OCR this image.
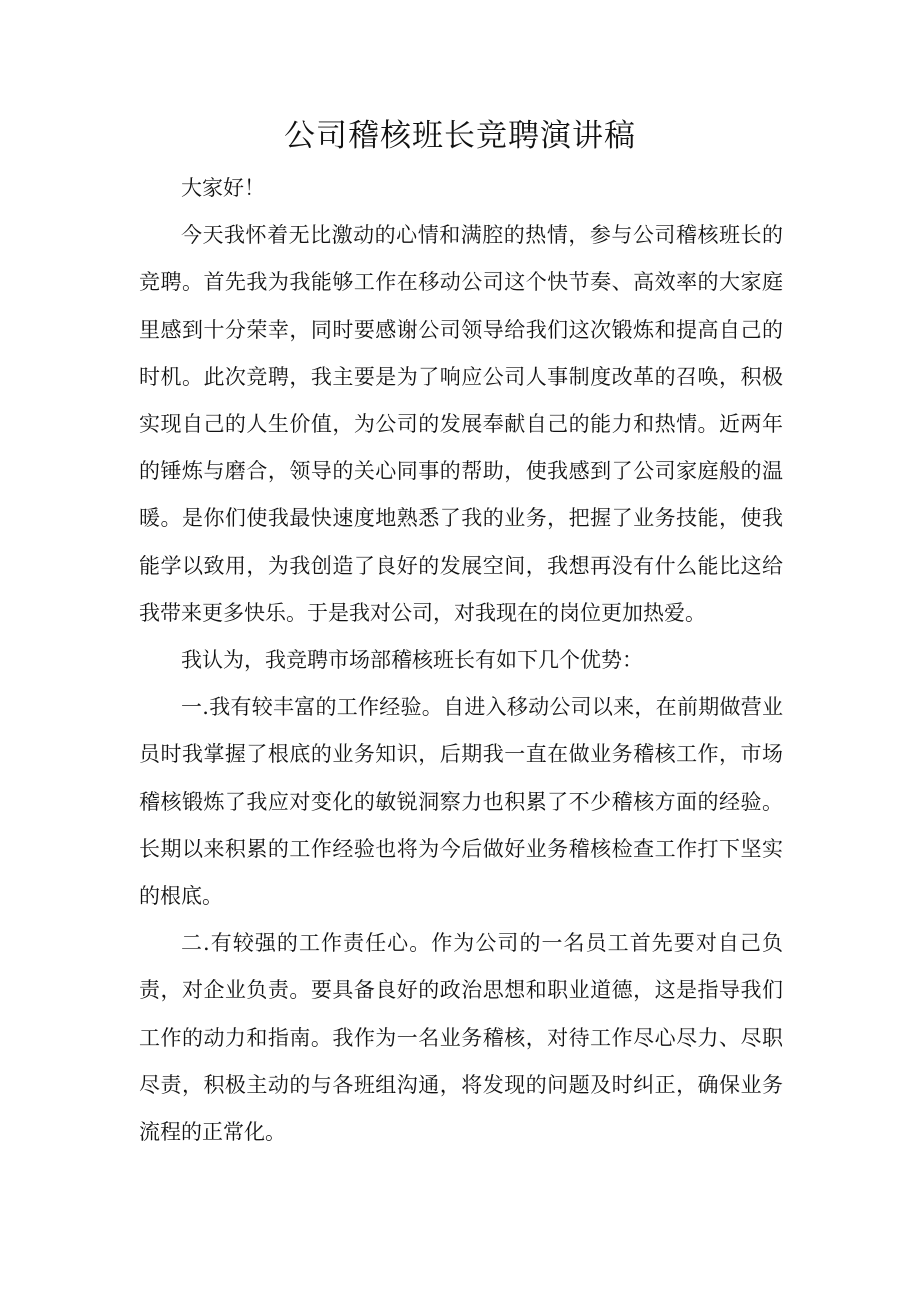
公司稽核班长竞聘演讲稿

大家好！

今天我怀着无比激动的心情和满腔的热情，参与公司稽核班长的竞聘。首先我为我能够工作在移动公司这个快节奏、高效率的大家庭里感到十分荣幸，同时要感谢公司领导给我们这次锻炼和提高自己的时机。此次竞聘，我主要是为了响应公司人事制度改革的召唤，积极实现自己的人生价值，为公司的发展奉献自己的能力和热情。近两年的锤炼与磨合，领导的关心同事的帮助，使我感到了公司家庭般的温暖。是你们使我最快速度地熟悉了我的业务，把握了业务技能，使我能学以致用，为我创造了良好的发展空间，我想再没有什么能比这给我带来更多快乐。于是我对公司，对我现在的岗位更加热爱。

我认为，我竞聘市场部稽核班长有如下几个优势：

一.我有较丰富的工作经验。自进入移动公司以来，在前期做营业员时我掌握了根底的业务知识，后期我一直在做业务稽核工作，市场稽核锻炼了我应对变化的敏锐洞察力也积累了不少稽核方面的经验。长期以来积累的工作经验也将为今后做好业务稽核检查工作打下坚实的根底。

二.有较强的工作责任心。作为公司的一名员工首先要对自己负责，对企业负责。要具备良好的政治思想和职业道德，这是指导我们工作的动力和指南。我作为一名业务稽核，对待工作尽心尽力、尽职尽责，积极主动的与各班组沟通，将发现的问题及时纠正，确保业务流程的正常化。
